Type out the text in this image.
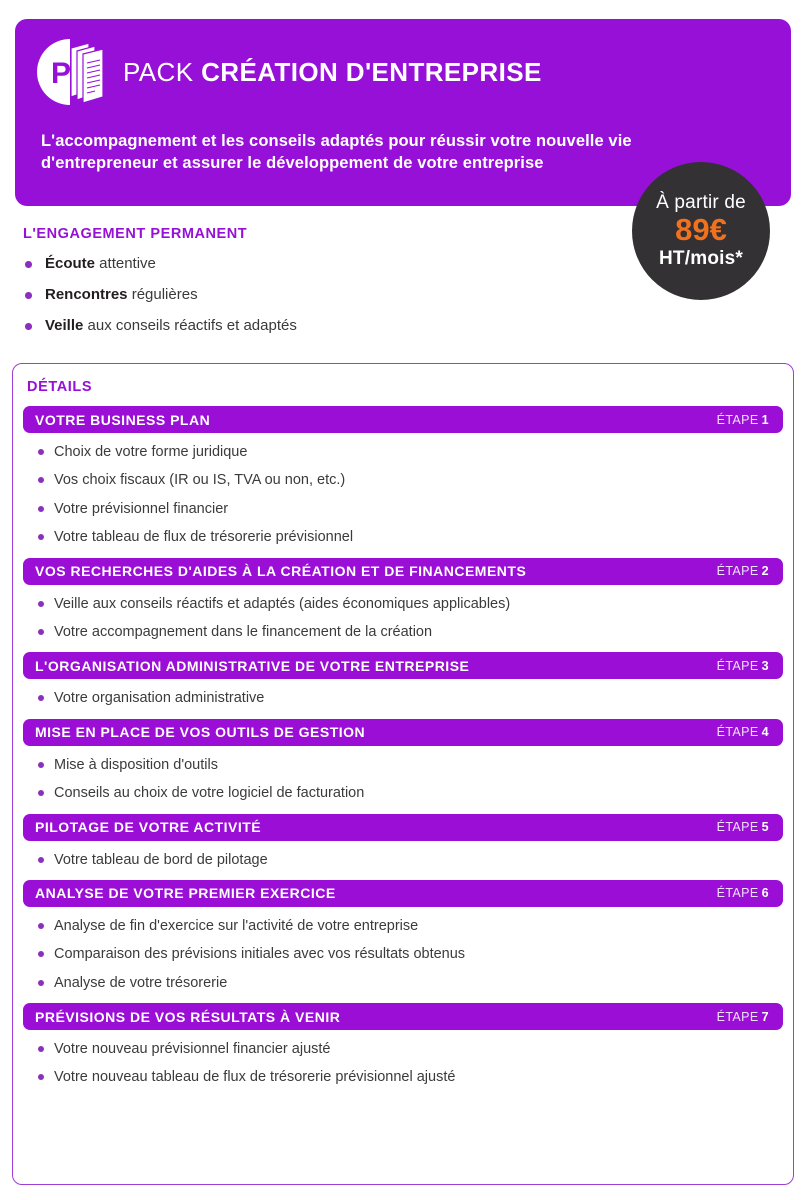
P PACK CRÉATION D'ENTREPRISE
L'accompagnement et les conseils adaptés pour réussir votre nouvelle vie d'entrepreneur et assurer le développement de votre entreprise
À partir de
89€
HT/mois*
L'ENGAGEMENT PERMANENT
Écoute attentive
Rencontres régulières
Veille aux conseils réactifs et adaptés
DÉTAILS
VOTRE BUSINESS PLAN	ÉTAPE 1
Choix de votre forme juridique
Vos choix fiscaux (IR ou IS, TVA ou non, etc.)
Votre prévisionnel financier
Votre tableau de flux de trésorerie prévisionnel
VOS RECHERCHES D'AIDES À LA CRÉATION ET DE FINANCEMENTS	ÉTAPE 2
Veille aux conseils réactifs et adaptés (aides économiques applicables)
Votre accompagnement dans le financement de la création
L'ORGANISATION ADMINISTRATIVE DE VOTRE ENTREPRISE	ÉTAPE 3
Votre organisation administrative
MISE EN PLACE DE VOS OUTILS DE GESTION	ÉTAPE 4
Mise à disposition d'outils
Conseils au choix de votre logiciel de facturation
PILOTAGE DE VOTRE ACTIVITÉ	ÉTAPE 5
Votre tableau de bord de pilotage
ANALYSE DE VOTRE PREMIER EXERCICE	ÉTAPE 6
Analyse de fin d'exercice sur l'activité de votre entreprise
Comparaison des prévisions initiales avec vos résultats obtenus
Analyse de votre trésorerie
PRÉVISIONS DE VOS RÉSULTATS À VENIR	ÉTAPE 7
Votre nouveau prévisionnel financier ajusté
Votre nouveau tableau de flux de trésorerie prévisionnel ajusté
